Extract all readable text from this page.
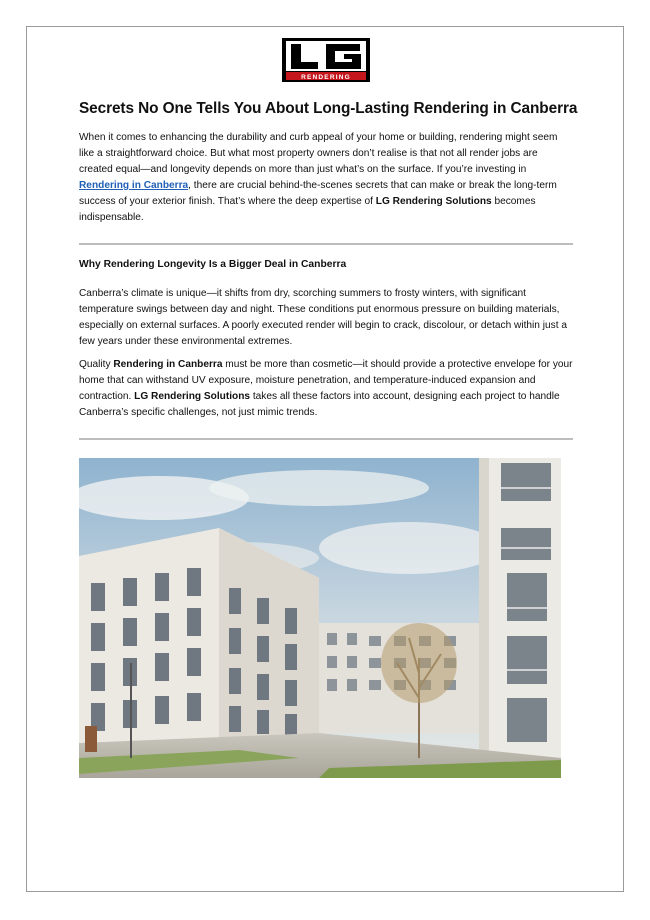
RENDERING
Secrets No One Tells You About Long-Lasting Rendering in Canberra

When it comes to enhancing the durability and curb appeal of your home or building, rendering might seem like a straightforward choice. But what most property owners don’t realise is that not all render jobs are created equal—and longevity depends on more than just what’s on the surface. If you’re investing in Rendering in Canberra, there are crucial behind-the-scenes secrets that can make or break the long-term success of your exterior finish. That’s where the deep expertise of LG Rendering Solutions becomes indispensable.

Why Rendering Longevity Is a Bigger Deal in Canberra

Canberra’s climate is unique—it shifts from dry, scorching summers to frosty winters, with significant temperature swings between day and night. These conditions put enormous pressure on building materials, especially on external surfaces. A poorly executed render will begin to crack, discolour, or detach within just a few years under these environmental extremes.

Quality Rendering in Canberra must be more than cosmetic—it should provide a protective envelope for your home that can withstand UV exposure, moisture penetration, and temperature-induced expansion and contraction. LG Rendering Solutions takes all these factors into account, designing each project to handle Canberra’s specific challenges, not just mimic trends.
